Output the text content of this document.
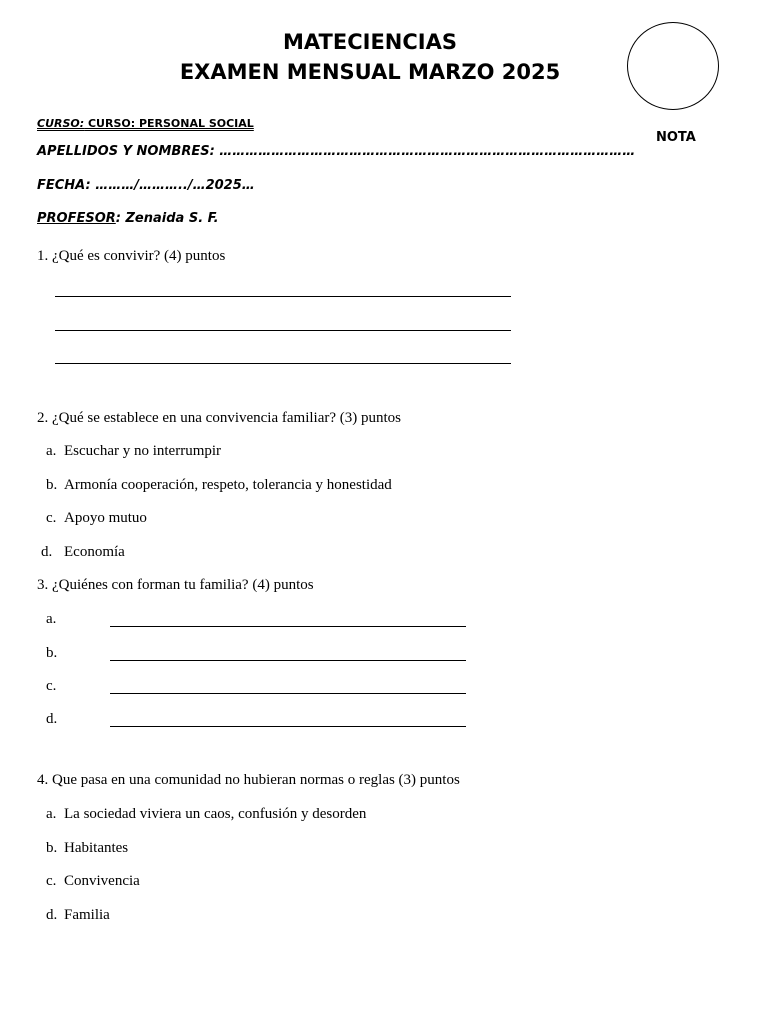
MATECIENCIAS
EXAMEN MENSUAL MARZO 2025
NOTA
CURSO: CURSO: PERSONAL SOCIAL
APELLIDOS Y NOMBRES: ……………………………………………………………………………………
FECHA: ………/………../…2025…
PROFESOR: Zenaida S. F.
1. ¿Qué es convivir? (4) puntos
2. ¿Qué se establece en una convivencia familiar? (3) puntos
a. Escuchar y no interrumpir
b. Armonía cooperación, respeto, tolerancia y honestidad
c. Apoyo mutuo
d. Economía
3. ¿Quiénes con forman tu familia? (4) puntos
a.
b.
c.
d.
4. Que pasa en una comunidad no hubieran normas o reglas (3) puntos
a. La sociedad viviera un caos, confusión y desorden
b. Habitantes
c. Convivencia
d. Familia
